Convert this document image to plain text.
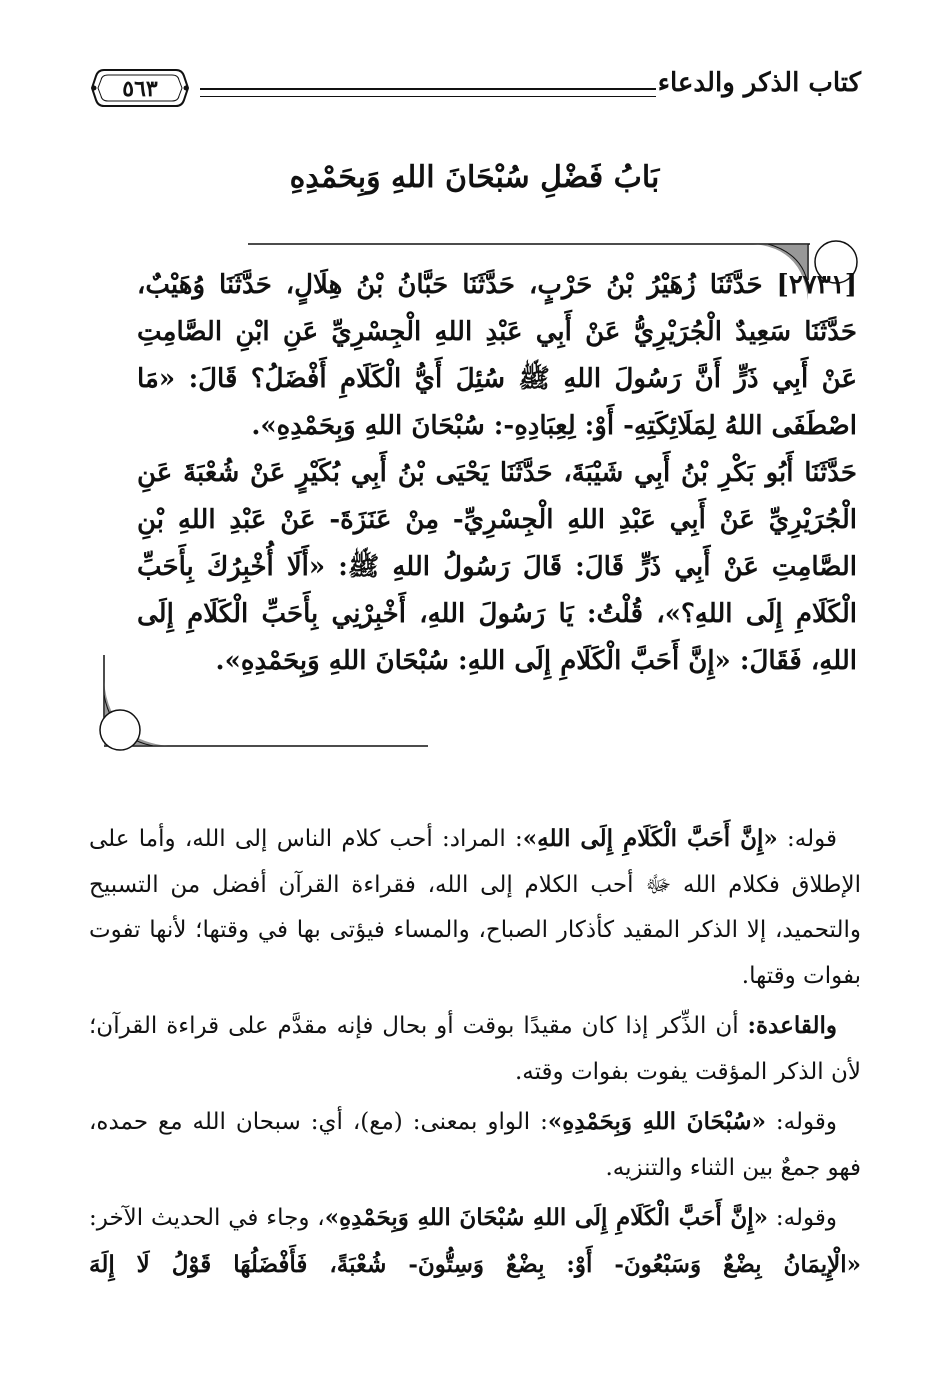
كتاب الذكر والدعاء
٥٦٣
بَابُ فَضْلِ سُبْحَانَ اللهِ وَبِحَمْدِهِ

[٢٧٣١] حَدَّثَنَا زُهَيْرُ بْنُ حَرْبٍ، حَدَّثَنَا حَبَّانُ بْنُ هِلَالٍ، حَدَّثَنَا وُهَيْبٌ، حَدَّثَنَا سَعِيدٌ الْجُرَيْرِيُّ عَنْ أَبِي عَبْدِ اللهِ الْجِسْرِيِّ عَنِ ابْنِ الصَّامِتِ عَنْ أَبِي ذَرٍّ أَنَّ رَسُولَ اللهِ ﷺ سُئِلَ أَيُّ الْكَلَامِ أَفْضَلُ؟ قَالَ: «مَا اصْطَفَى اللهُ لِمَلَائِكَتِهِ- أَوْ: لِعِبَادِهِ-: سُبْحَانَ اللهِ وَبِحَمْدِهِ».

حَدَّثَنَا أَبُو بَكْرِ بْنُ أَبِي شَيْبَةَ، حَدَّثَنَا يَحْيَى بْنُ أَبِي بُكَيْرٍ عَنْ شُعْبَةَ عَنِ الْجُرَيْرِيِّ عَنْ أَبِي عَبْدِ اللهِ الْجِسْرِيِّ- مِنْ عَنَزَةَ- عَنْ عَبْدِ اللهِ بْنِ الصَّامِتِ عَنْ أَبِي ذَرٍّ قَالَ: قَالَ رَسُولُ اللهِ ﷺ: «أَلَا أُخْبِرُكَ بِأَحَبِّ الْكَلَامِ إِلَى اللهِ؟»، قُلْتُ: يَا رَسُولَ اللهِ، أَخْبِرْنِي بِأَحَبِّ الْكَلَامِ إِلَى اللهِ، فَقَالَ: «إِنَّ أَحَبَّ الْكَلَامِ إِلَى اللهِ: سُبْحَانَ اللهِ وَبِحَمْدِهِ».

قوله: «إِنَّ أَحَبَّ الْكَلَامِ إِلَى اللهِ»: المراد: أحب كلام الناس إلى الله، وأما على الإطلاق فكلام الله ﷻ أحب الكلام إلى الله، فقراءة القرآن أفضل من التسبيح والتحميد، إلا الذكر المقيد كأذكار الصباح، والمساء فيؤتى بها في وقتها؛ لأنها تفوت بفوات وقتها.

والقاعدة: أن الذِّكر إذا كان مقيدًا بوقت أو بحال فإنه مقدَّم على قراءة القرآن؛ لأن الذكر المؤقت يفوت بفوات وقته.

وقوله: «سُبْحَانَ اللهِ وَبِحَمْدِهِ»: الواو بمعنى: (مع)، أي: سبحان الله مع حمده، فهو جمعٌ بين الثناء والتنزيه.

وقوله: «إِنَّ أَحَبَّ الْكَلَامِ إِلَى اللهِ سُبْحَانَ اللهِ وَبِحَمْدِهِ»، وجاء في الحديث الآخر: «الْإِيمَانُ بِضْعٌ وَسَبْعُونَ- أَوْ: بِضْعٌ وَسِتُّونَ- شُعْبَةً، فَأَفْضَلُهَا قَوْلُ لَا إِلَهَ
